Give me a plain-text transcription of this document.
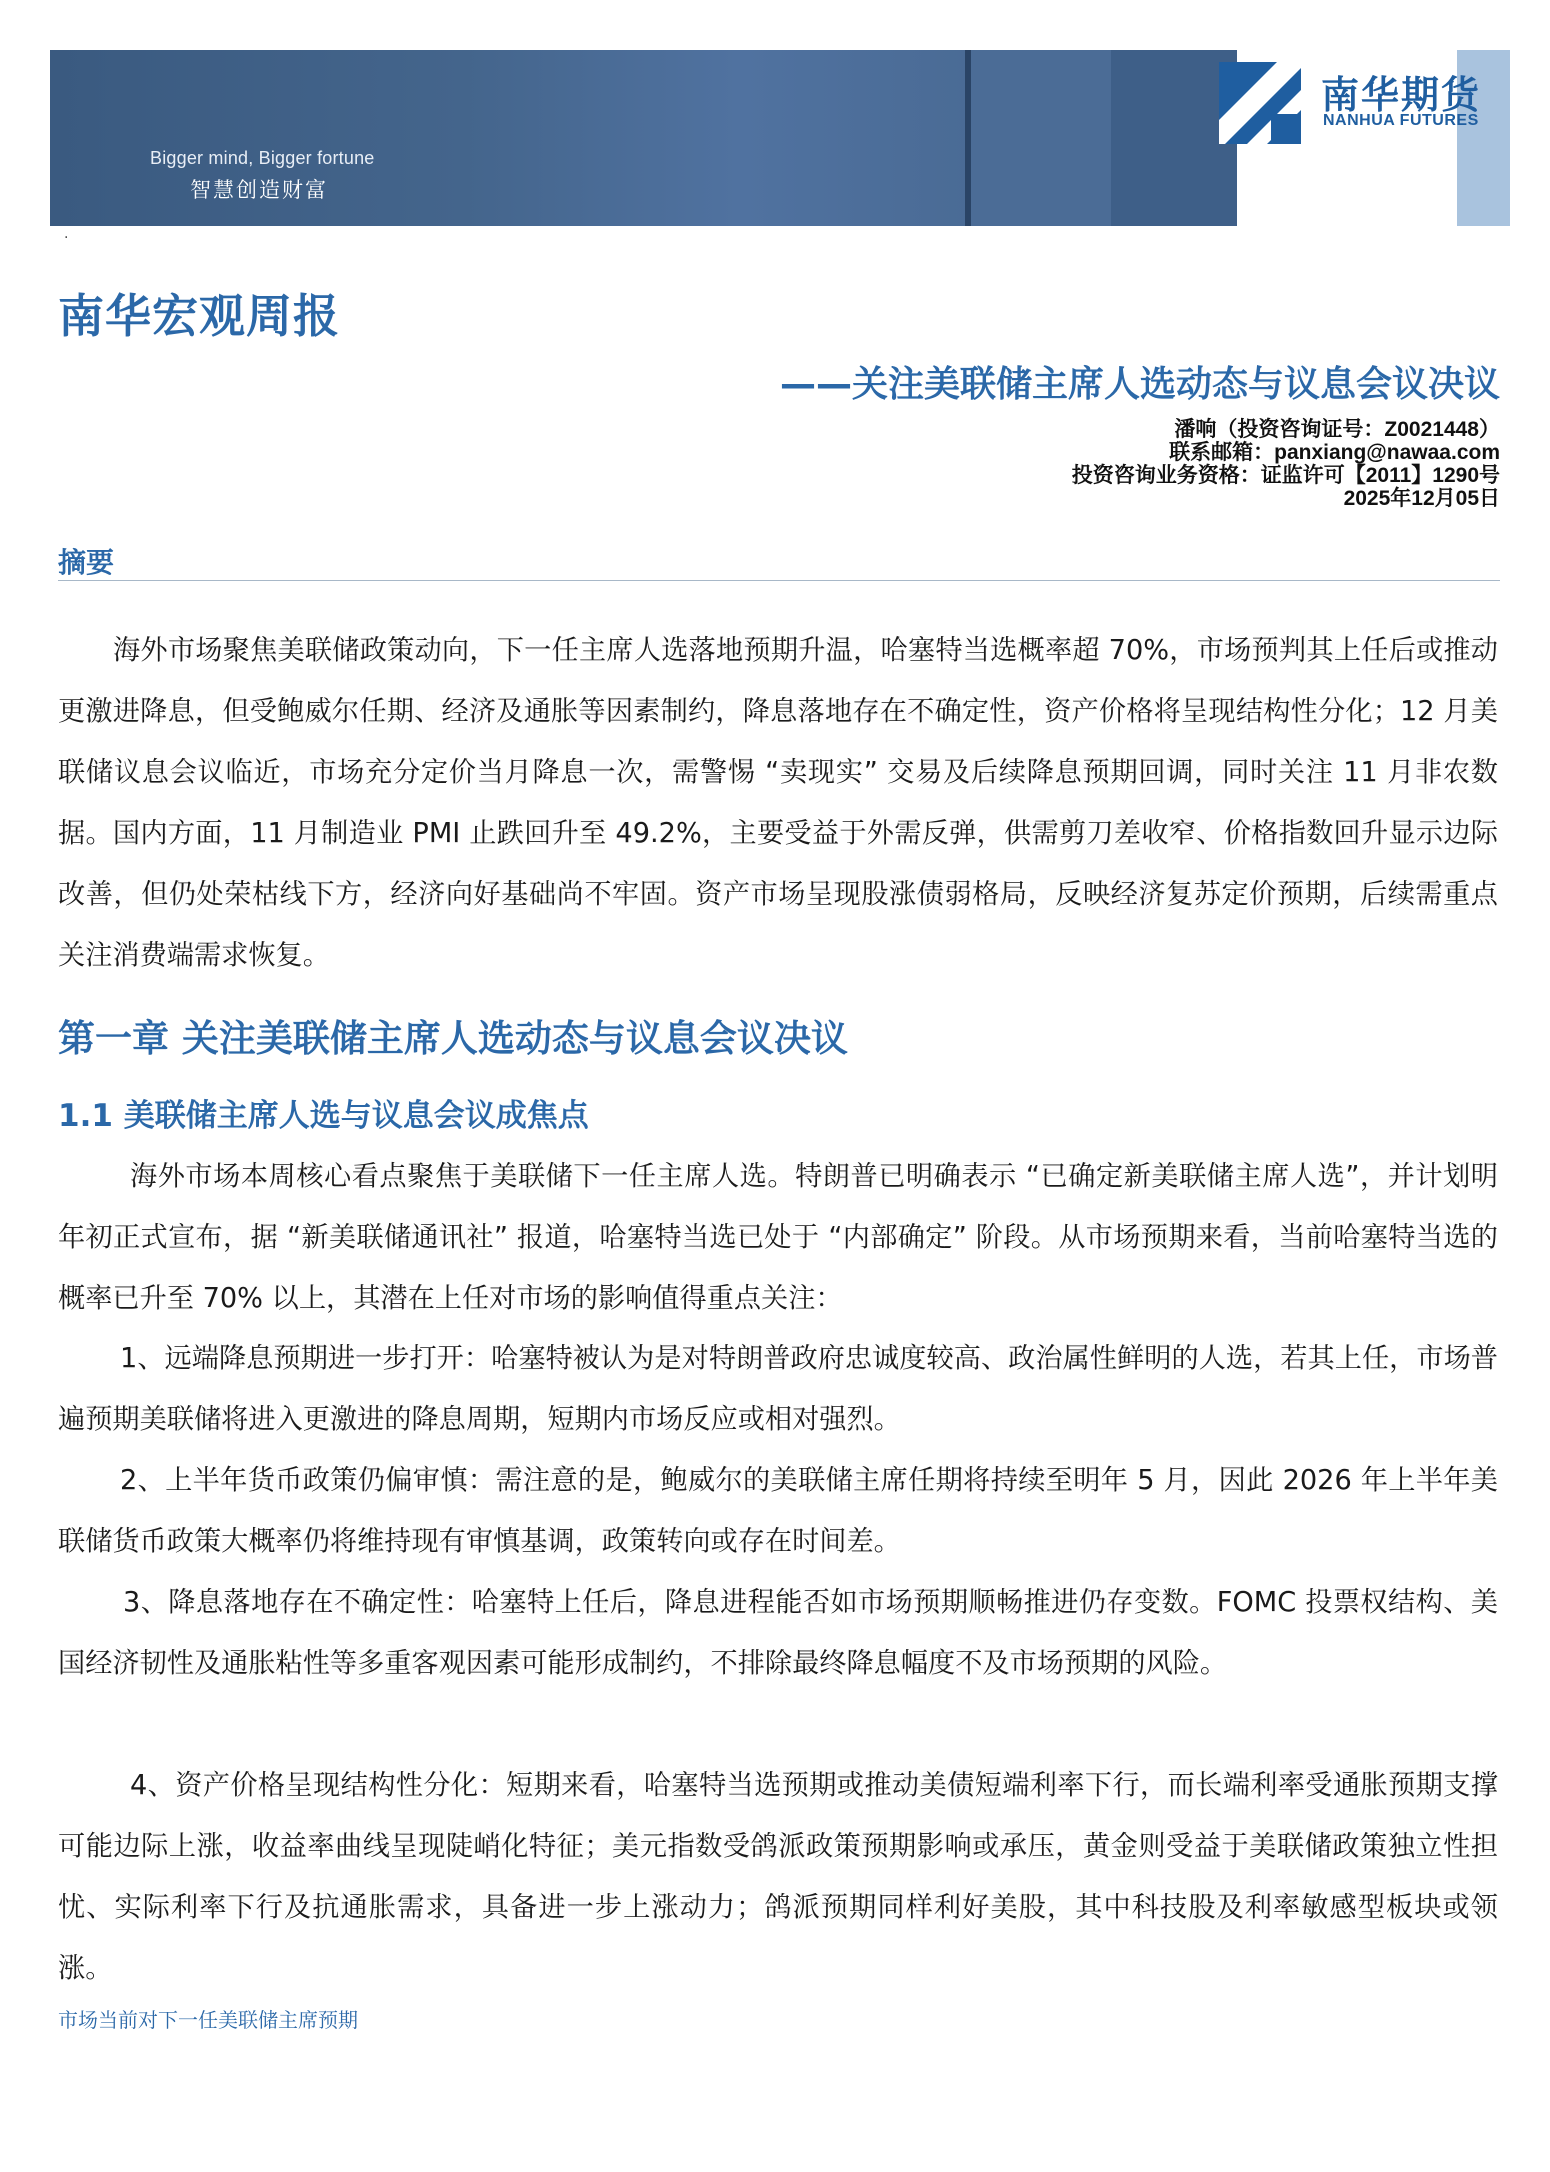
Bigger mind, Bigger fortune
智慧创造财富
南华期货
NANHUA FUTURES
·
南华宏观周报
——关注美联储主席人选动态与议息会议决议
潘响（投资咨询证号：Z0021448）
联系邮箱：panxiang@nawaa.com
投资咨询业务资格：证监许可【2011】1290号
2025年12月05日
摘要

海外市场聚焦美联储政策动向，下一任主席人选落地预期升温，哈塞特当选概率超 70%，市场预判其上任后或推动更激进降息，但受鲍威尔任期、经济及通胀等因素制约，降息落地存在不确定性，资产价格将呈现结构性分化；12 月美联储议息会议临近，市场充分定价当月降息一次，需警惕 “卖现实” 交易及后续降息预期回调，同时关注 11 月非农数据。国内方面，11 月制造业 PMI 止跌回升至 49.2%，主要受益于外需反弹，供需剪刀差收窄、价格指数回升显示边际改善，但仍处荣枯线下方，经济向好基础尚不牢固。资产市场呈现股涨债弱格局，反映经济复苏定价预期，后续需重点关注消费端需求恢复。

第一章 关注美联储主席人选动态与议息会议决议
1.1 美联储主席人选与议息会议成焦点

海外市场本周核心看点聚焦于美联储下一任主席人选。特朗普已明确表示 “已确定新美联储主席人选”，并计划明年初正式宣布，据 “新美联储通讯社” 报道，哈塞特当选已处于 “内部确定” 阶段。从市场预期来看，当前哈塞特当选的概率已升至 70% 以上，其潜在上任对市场的影响值得重点关注：

1、远端降息预期进一步打开：哈塞特被认为是对特朗普政府忠诚度较高、政治属性鲜明的人选，若其上任，市场普遍预期美联储将进入更激进的降息周期，短期内市场反应或相对强烈。

2、上半年货币政策仍偏审慎：需注意的是，鲍威尔的美联储主席任期将持续至明年 5 月，因此 2026 年上半年美联储货币政策大概率仍将维持现有审慎基调，政策转向或存在时间差。

3、降息落地存在不确定性：哈塞特上任后，降息进程能否如市场预期顺畅推进仍存变数。FOMC 投票权结构、美国经济韧性及通胀粘性等多重客观因素可能形成制约，不排除最终降息幅度不及市场预期的风险。

4、资产价格呈现结构性分化：短期来看，哈塞特当选预期或推动美债短端利率下行，而长端利率受通胀预期支撑可能边际上涨，收益率曲线呈现陡峭化特征；美元指数受鸽派政策预期影响或承压，黄金则受益于美联储政策独立性担忧、实际利率下行及抗通胀需求，具备进一步上涨动力；鸽派预期同样利好美股，其中科技股及利率敏感型板块或领涨。

市场当前对下一任美联储主席预期
